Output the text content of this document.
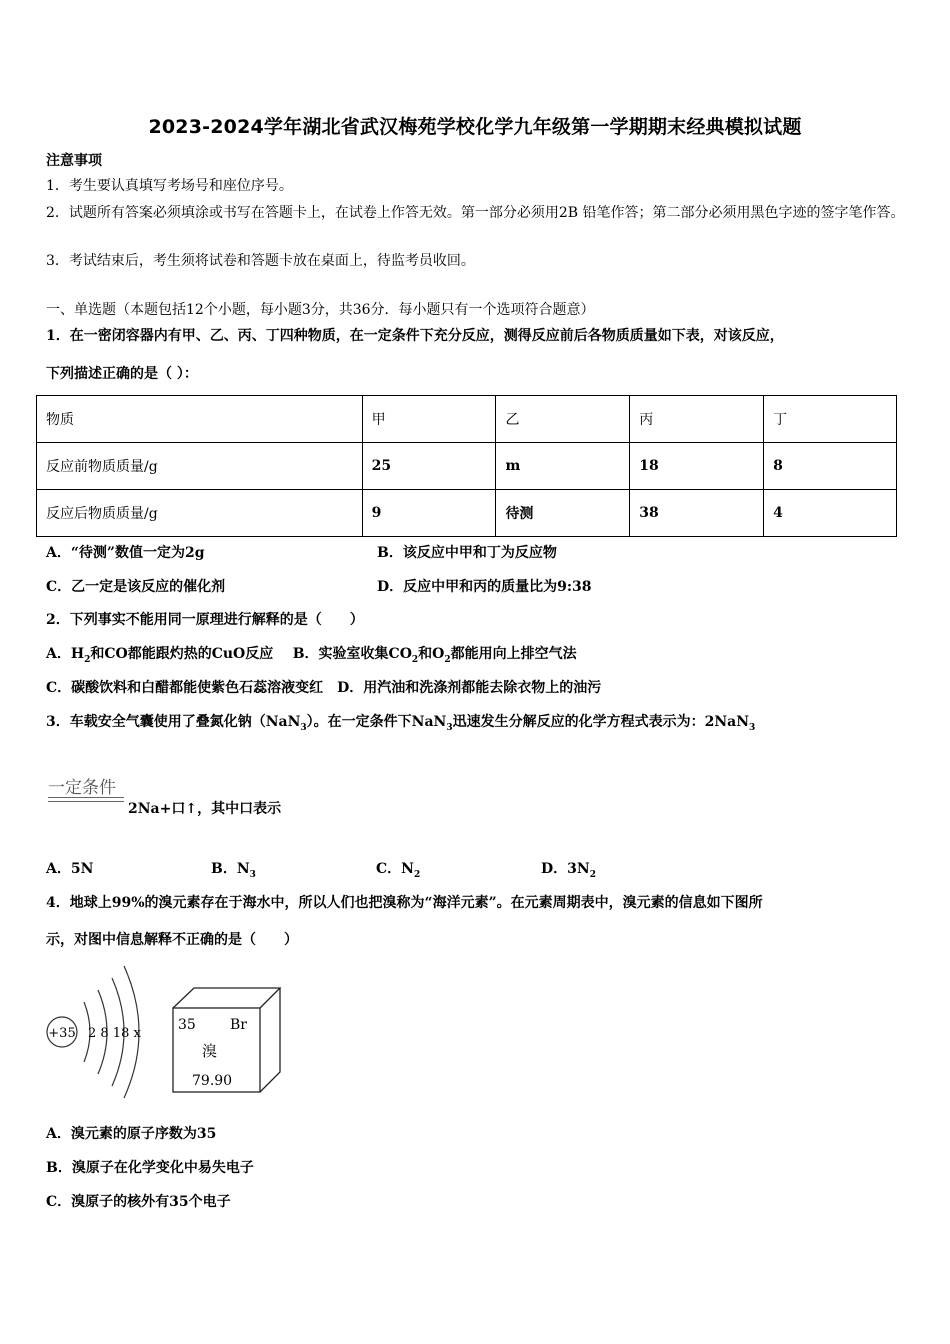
2023-2024学年湖北省武汉梅苑学校化学九年级第一学期期末经典模拟试题
注意事项
1．考生要认真填写考场号和座位序号。
2．试题所有答案必须填涂或书写在答题卡上，在试卷上作答无效。第一部分必须用2B 铅笔作答；第二部分必须用黑色字迹的签字笔作答。
3．考试结束后，考生须将试卷和答题卡放在桌面上，待监考员收回。
一、单选题（本题包括12个小题，每小题3分，共36分．每小题只有一个选项符合题意）
1．在一密闭容器内有甲、乙、丙、丁四种物质，在一定条件下充分反应，测得反应前后各物质质量如下表，对该反应，
下列描述正确的是（ ）：
物质	甲	乙	丙	丁
反应前物质质量/g	25	m	18	8
反应后物质质量/g	9	待测	38	4
A．“待测”数值一定为2g	B．该反应中甲和丁为反应物
C．乙一定是该反应的催化剂	D．反应中甲和丙的质量比为9:38
2．下列事实不能用同一原理进行解释的是（　　）
A．$H_2$和CO都能跟灼热的CuO反应 B．实验室收集$CO_2$和$O_2$都能用向上排空气法
C．碳酸饮料和白醋都能使紫色石蕊溶液变红　D．用汽油和洗涤剂都能去除衣物上的油污
3．车载安全气囊使用了叠氮化钠（NaN$_3$）。在一定条件下NaN$_3$迅速发生分解反应的化学方程式表示为：2NaN$_3$
一定条件
2Na+口↑，其中口表示
A．5N	B．$N_3$	C．$N_2$	D．$3N_2$
4．地球上99%的溴元素存在于海水中，所以人们也把溴称为“海洋元素”。在元素周期表中，溴元素的信息如下图所
示，对图中信息解释不正确的是（　　）
+35 2 8 18 x
35 Br
溴
79.90
A．溴元素的原子序数为35
B．溴原子在化学变化中易失电子
C．溴原子的核外有35个电子
